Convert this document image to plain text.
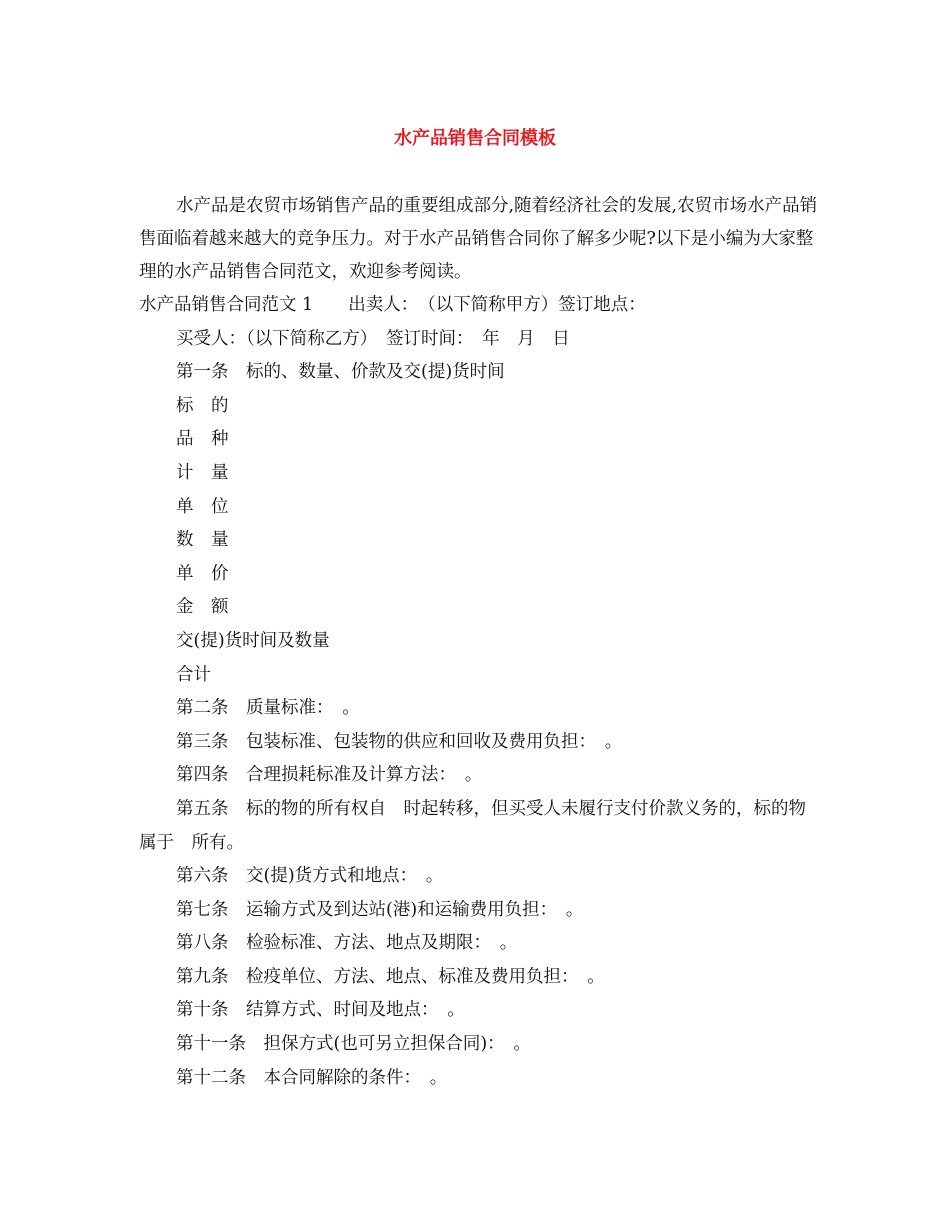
水产品销售合同模板

水产品是农贸市场销售产品的重要组成部分,随着经济社会的发展,农贸市场水产品销售面临着越来越大的竞争压力。对于水产品销售合同你了解多少呢?以下是小编为大家整理的水产品销售合同范文，欢迎参考阅读。

水产品销售合同范文 1　　出卖人：　（以下简称甲方）签订地点：

买受人：（以下简称乙方）　签订时间：　年　月　日

第一条　标的、数量、价款及交(提)货时间

标　的

品　种

计　量

单　位

数　量

单　价

金　额

交(提)货时间及数量

合计

第二条　质量标准：　。

第三条　包装标准、包装物的供应和回收及费用负担：　。

第四条　合理损耗标准及计算方法：　。

第五条　标的物的所有权自　时起转移，但买受人未履行支付价款义务的，标的物属于　所有。

第六条　交(提)货方式和地点：　。

第七条　运输方式及到达站(港)和运输费用负担：　。

第八条　检验标准、方法、地点及期限：　。

第九条　检疫单位、方法、地点、标准及费用负担：　。

第十条　结算方式、时间及地点：　。

第十一条　担保方式(也可另立担保合同)：　。

第十二条　本合同解除的条件：　。
